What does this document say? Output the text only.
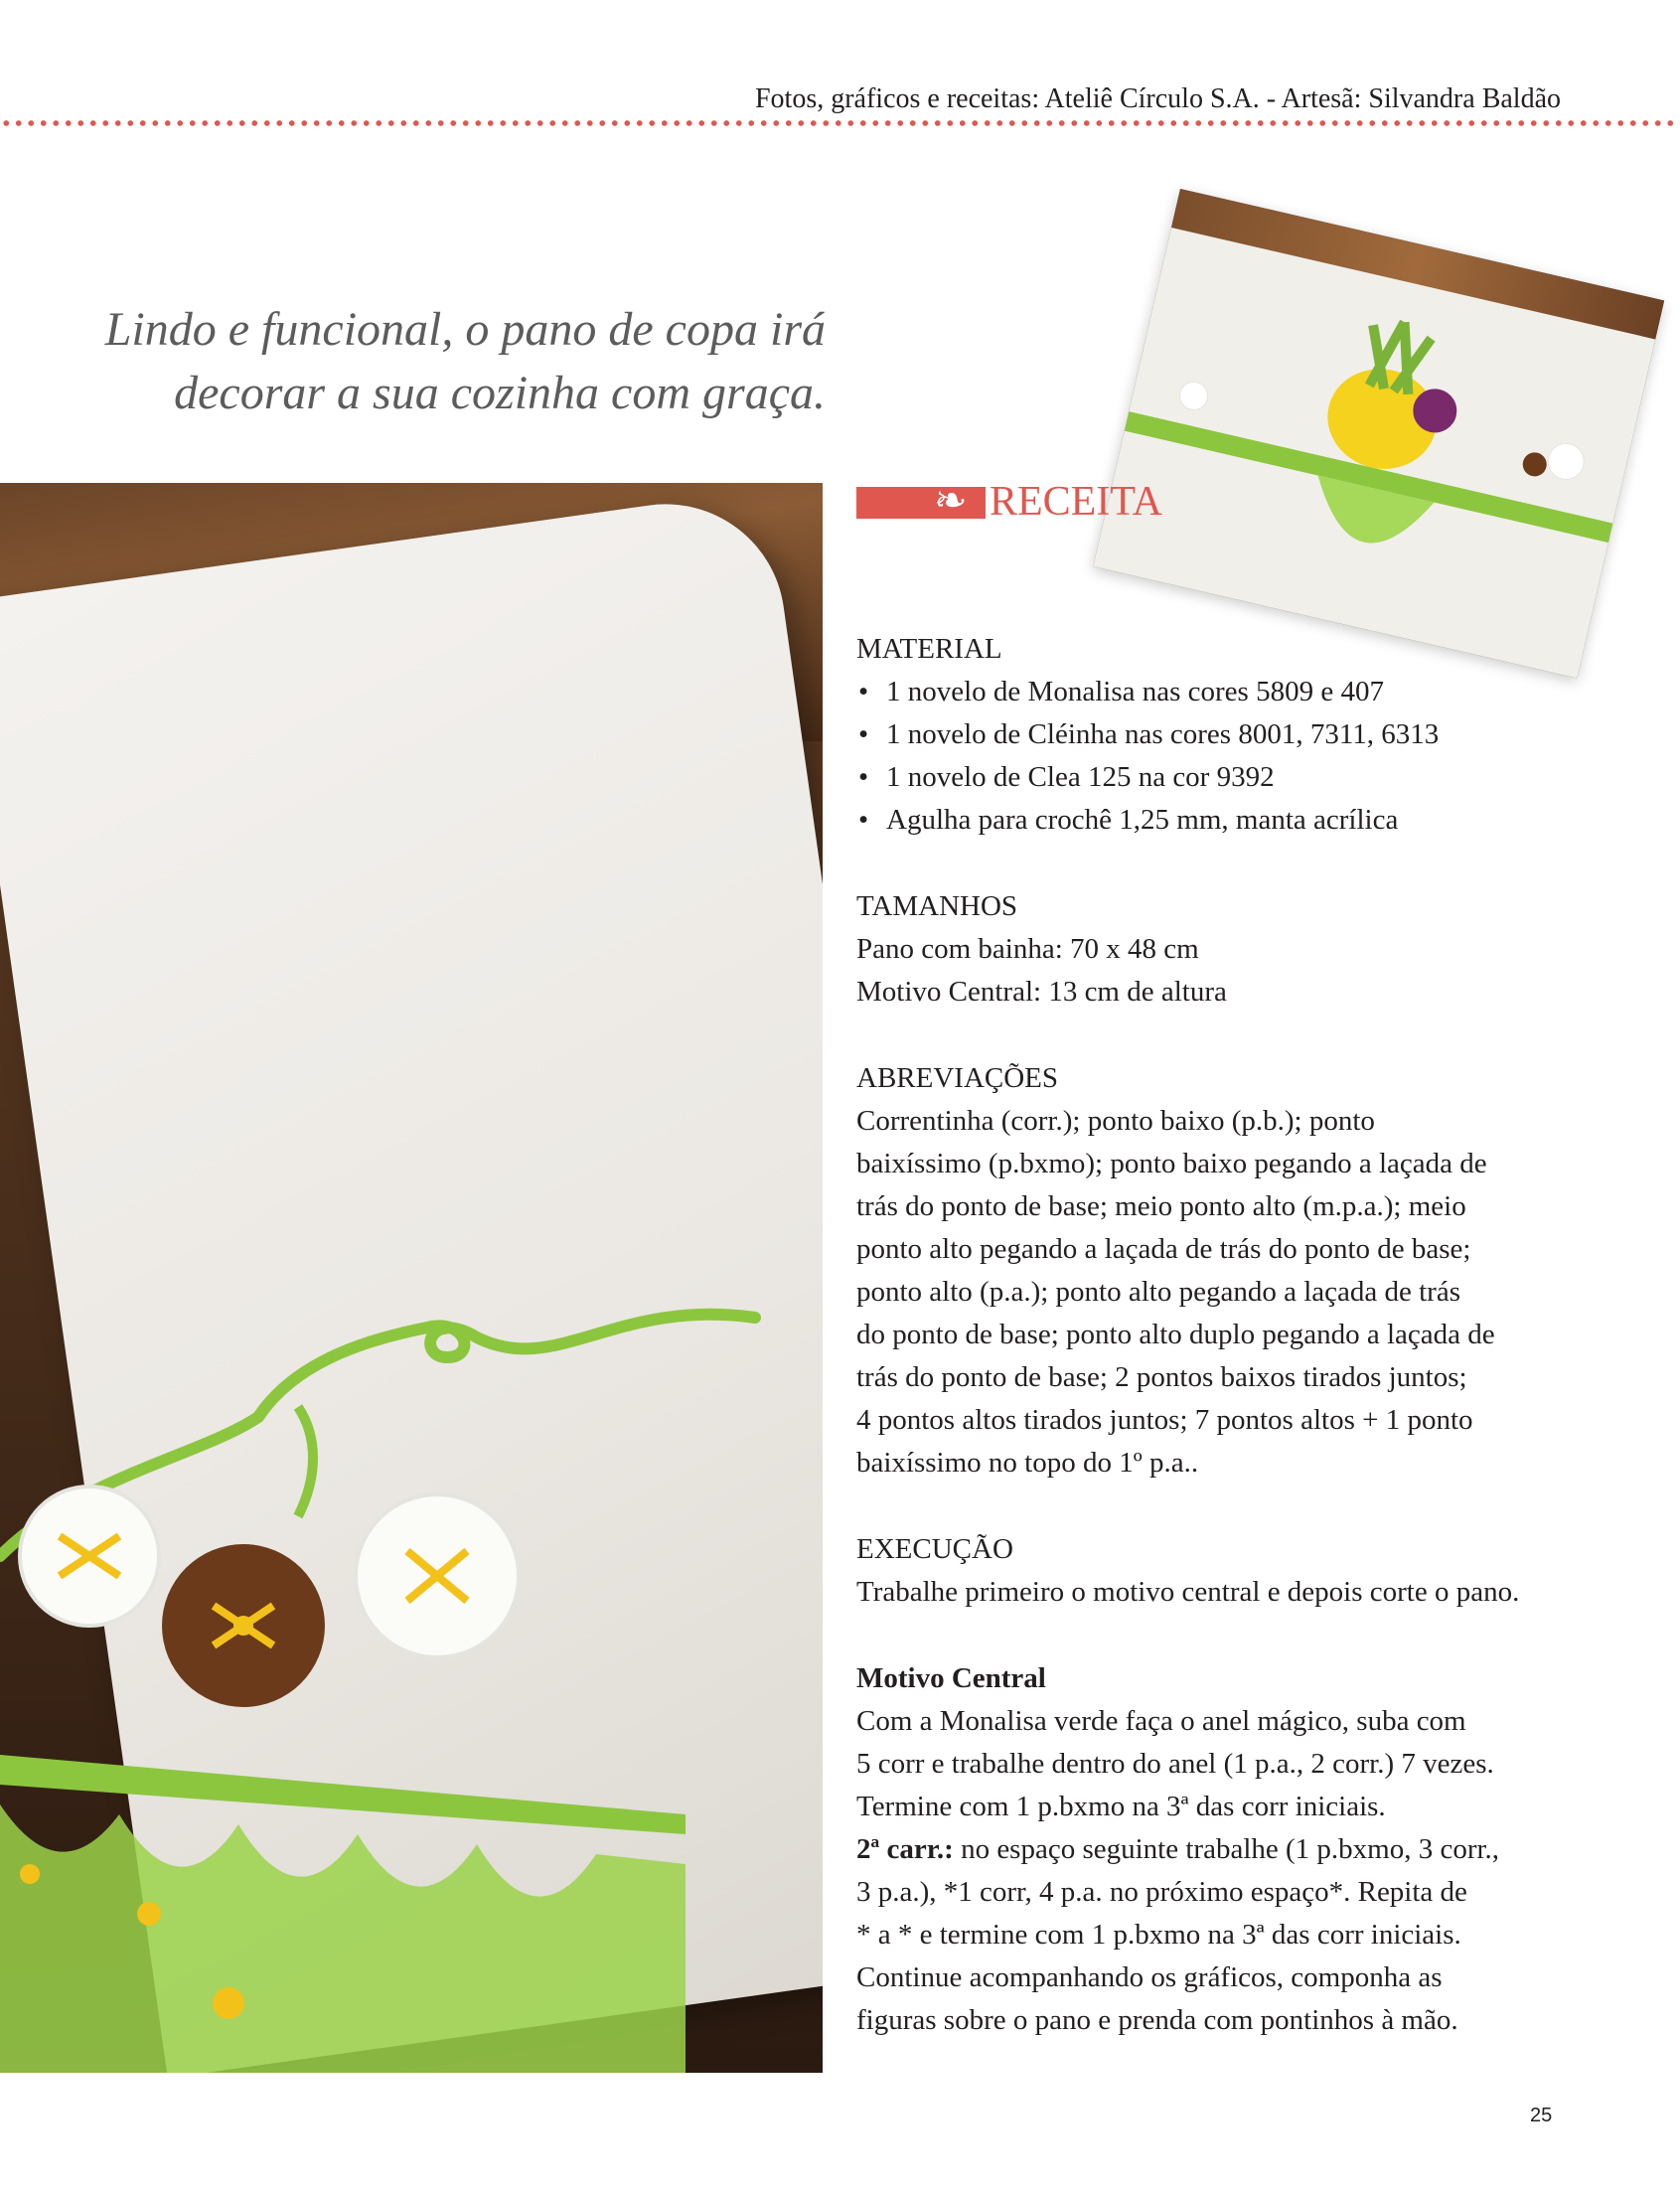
Fotos, gráficos e receitas: Ateliê Círculo S.A. - Artesã: Silvandra Baldão
Lindo e funcional, o pano de copa irá
decorar a sua cozinha com graça.
❧ RECEITA

MATERIAL

• 1 novelo de Monalisa nas cores 5809 e 407
• 1 novelo de Cléinha nas cores 8001, 7311, 6313
• 1 novelo de Clea 125 na cor 9392
• Agulha para crochê 1,25 mm, manta acrílica

TAMANHOS

Pano com bainha: 70 x 48 cm

Motivo Central: 13 cm de altura

ABREVIAÇÕES

Correntinha (corr.); ponto baixo (p.b.); ponto

baixíssimo (p.bxmo); ponto baixo pegando a laçada de

trás do ponto de base; meio ponto alto (m.p.a.); meio

ponto alto pegando a laçada de trás do ponto de base;

ponto alto (p.a.); ponto alto pegando a laçada de trás

do ponto de base; ponto alto duplo pegando a laçada de

trás do ponto de base; 2 pontos baixos tirados juntos;

4 pontos altos tirados juntos; 7 pontos altos + 1 ponto

baixíssimo no topo do 1º p.a..

EXECUÇÃO

Trabalhe primeiro o motivo central e depois corte o pano.

Motivo Central

Com a Monalisa verde faça o anel mágico, suba com

5 corr e trabalhe dentro do anel (1 p.a., 2 corr.) 7 vezes.

Termine com 1 p.bxmo na 3ª das corr iniciais.

2ª carr.: no espaço seguinte trabalhe (1 p.bxmo, 3 corr.,

3 p.a.), *1 corr, 4 p.a. no próximo espaço*. Repita de

* a * e termine com 1 p.bxmo na 3ª das corr iniciais.

Continue acompanhando os gráficos, componha as

figuras sobre o pano e prenda com pontinhos à mão.

25
